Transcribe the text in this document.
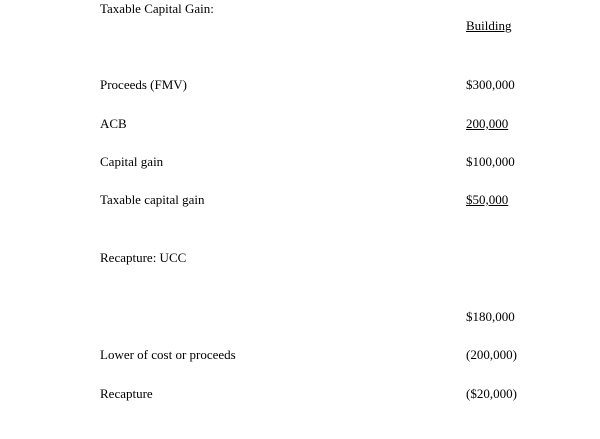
Taxable Capital Gain:
Building
Proceeds (FMV)	$300,000
ACB	200,000
Capital gain	$100,000
Taxable capital gain	$50,000
Recapture: UCC
$180,000
Lower of cost or proceeds	(200,000)
Recapture	($20,000)
